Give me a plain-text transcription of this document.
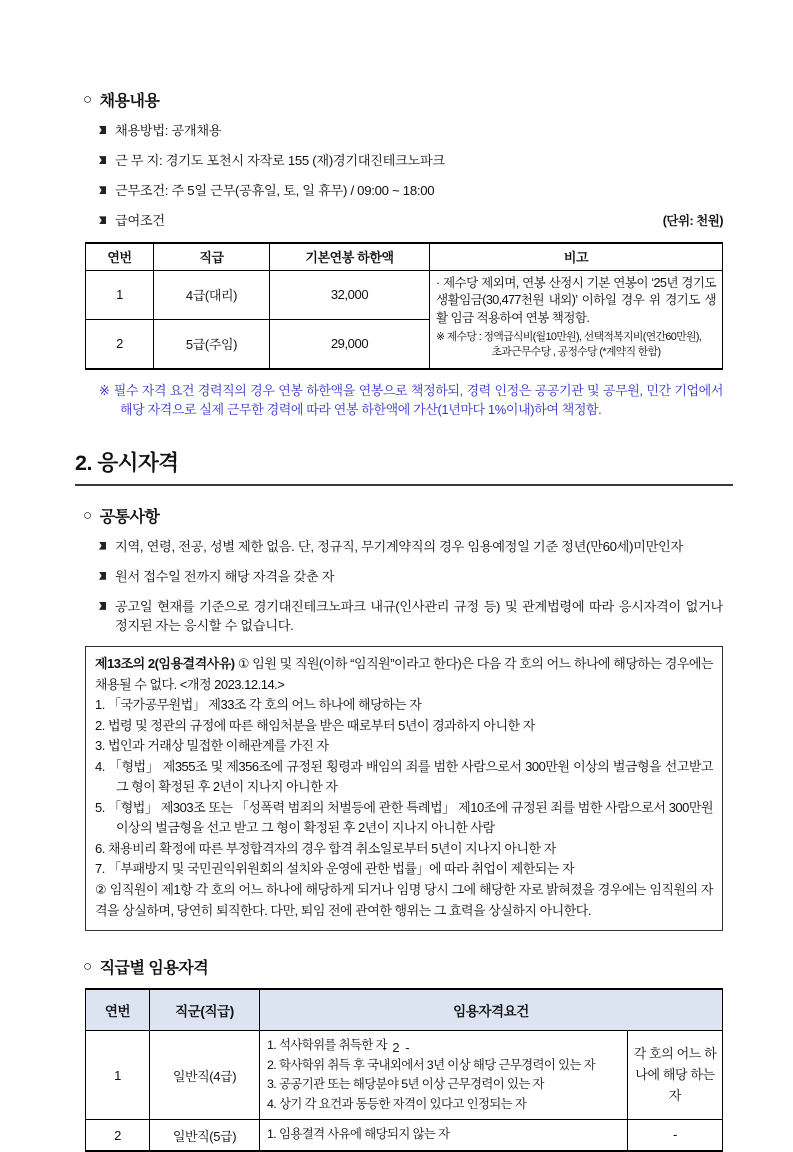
○ 채용내용
채용방법: 공개채용
근 무 지: 경기도 포천시 자작로 155 (재)경기대진테크노파크
근무조건: 주 5일 근무(공휴일, 토, 일 휴무) / 09:00 ~ 18:00
급여조건	(단위: 천원)
연번	직급	기본연봉 하한액	비고
1	4급(대리)	32,000	· 제수당 제외며, 연봉 산정시 기본 연봉이 ‘25년 경기도 생활임금(30,477천원 내외)’ 이하일 경우 위 경기도 생활 임금 적용하여 연봉 책정함.
※ 제수당 : 정액급식비(월10만원), 선택적복지비(연간60만원),
초과근무수당 , 공정수당 (*계약직 한함)

2	5급(주임)	29,000	
※ 필수 자격 요건 경력직의 경우 연봉 하한액을 연봉으로 책정하되, 경력 인정은 공공기관 및 공무원, 민간 기업에서 해당 자격으로 실제 근무한 경력에 따라 연봉 하한액에 가산(1년마다 1%이내)하여 책정함.
2. 응시자격
○ 공통사항
지역, 연령, 전공, 성별 제한 없음. 단, 정규직, 무기계약직의 경우 임용예정일 기준 정년(만60세)미만인자
원서 접수일 전까지 해당 자격을 갖춘 자
공고일 현재를 기준으로 경기대진테크노파크 내규(인사관리 규정 등) 및 관계법령에 따라 응시자격이 없거나 정지된 자는 응시할 수 없습니다.

제13조의 2(임용결격사유) ① 임원 및 직원(이하 “임직원”이라고 한다)은 다음 각 호의 어느 하나에 해당하는 경우에는 채용될 수 없다. <개정 2023.12.14.>

1. 「국가공무원법」 제33조 각 호의 어느 하나에 해당하는 자

2. 법령 및 정관의 규정에 따른 해임처분을 받은 때로부터 5년이 경과하지 아니한 자

3. 법인과 거래상 밀접한 이해관계를 가진 자

4. 「형법」 제355조 및 제356조에 규정된 횡령과 배임의 죄를 범한 사람으로서 300만원 이상의 벌금형을 선고받고 그 형이 확정된 후 2년이 지나지 아니한 자

5. 「형법」 제303조 또는 「성폭력 범죄의 처벌등에 관한 특례법」 제10조에 규정된 죄를 범한 사람으로서 300만원 이상의 벌금형을 선고 받고 그 형이 확정된 후 2년이 지나지 아니한 사람

6. 채용비리 확정에 따른 부정합격자의 경우 합격 취소일로부터 5년이 지나지 아니한 자

7. 「부패방지 및 국민권익위원회의 설치와 운영에 관한 법률」에 따라 취업이 제한되는 자

② 임직원이 제1항 각 호의 어느 하나에 해당하게 되거나 임명 당시 그에 해당한 자로 밝혀졌을 경우에는 임직원의 자격을 상실하며, 당연히 퇴직한다. 다만, 퇴임 전에 관여한 행위는 그 효력을 상실하지 아니한다.

○ 직급별 임용자격
연번	직군(직급)	임용자격요건	
1	일반직(4급)	1. 석사학위를 취득한 자
2. 학사학위 취득 후 국내외에서 3년 이상 해당 근무경력이 있는 자
3. 공공기관 또는 해당분야 5년 이상 근무경력이 있는 자
4. 상기 각 요건과 동등한 자격이 있다고 인정되는 자	각 호의 어느 하나에 해당 하는 자
2	일반직(5급)	1. 임용결격 사유에 해당되지 않는 자	-
- 2 -
